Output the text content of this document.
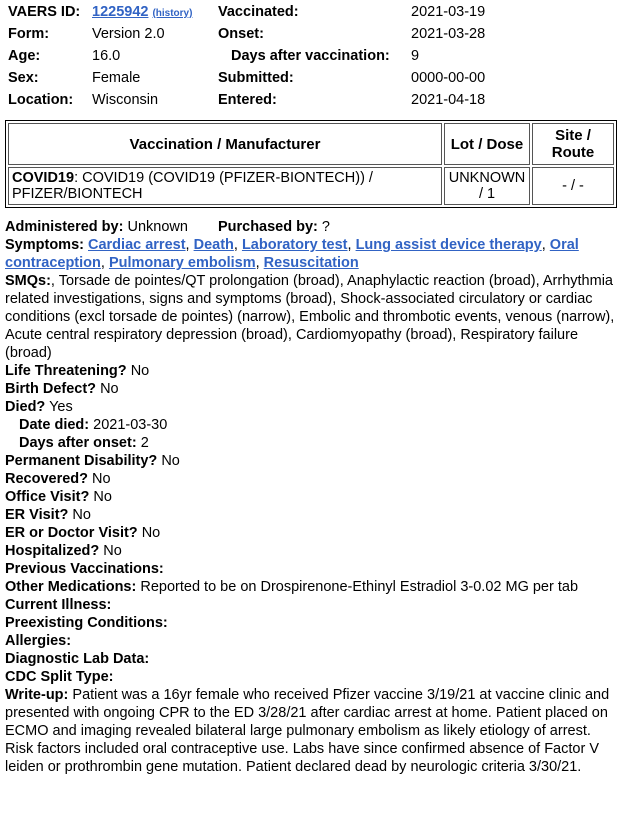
VAERS ID: 1225942 (history) Vaccinated:	2021-03-19
Form:	Version 2.0	Onset:	2021-03-28
Age:	16.0	Days after vaccination: 9
Sex:	Female	Submitted:	0000-00-00
Location: Wisconsin	Entered:	2021-04-18
Vaccination / Manufacturer	Lot / Dose	Site / Route
COVID19: COVID19 (COVID19 (PFIZER-BIONTECH)) / PFIZER/BIONTECH	UNKNOWN / 1	- / -

Administered by: Unknown Purchased by: ?

Symptoms: Cardiac arrest, Death, Laboratory test, Lung assist device therapy, Oral contraception, Pulmonary embolism, Resuscitation

SMQs:, Torsade de pointes/QT prolongation (broad), Anaphylactic reaction (broad), Arrhythmia related investigations, signs and symptoms (broad), Shock-associated circulatory or cardiac conditions (excl torsade de pointes) (narrow), Embolic and thrombotic events, venous (narrow), Acute central respiratory depression (broad), Cardiomyopathy (broad), Respiratory failure (broad)

Life Threatening? No

Birth Defect? No

Died? Yes

Date died: 2021-03-30

Days after onset: 2

Permanent Disability? No

Recovered? No

Office Visit? No

ER Visit? No

ER or Doctor Visit? No

Hospitalized? No

Previous Vaccinations:

Other Medications: Reported to be on Drospirenone-Ethinyl Estradiol 3-0.02 MG per tab

Current Illness:

Preexisting Conditions:

Allergies:

Diagnostic Lab Data:

CDC Split Type:

Write-up: Patient was a 16yr female who received Pfizer vaccine 3/19/21 at vaccine clinic and presented with ongoing CPR to the ED 3/28/21 after cardiac arrest at home. Patient placed on ECMO and imaging revealed bilateral large pulmonary embolism as likely etiology of arrest. Risk factors included oral contraceptive use. Labs have since confirmed absence of Factor V leiden or prothrombin gene mutation. Patient declared dead by neurologic criteria 3/30/21.
